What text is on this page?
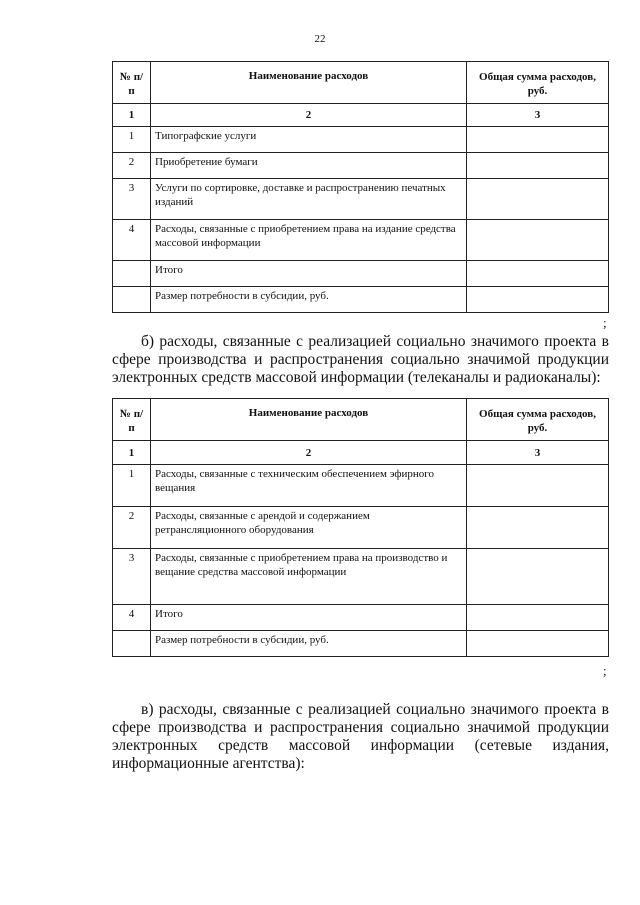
22
№ п/п	Наименование расходов	Общая сумма расходов, руб.
1	2	3
1	Типографские услуги	
2	Приобретение бумаги	
3	Услуги по сортировке, доставке и распространению печатных изданий	
4	Расходы, связанные с приобретением права на издание средства массовой информации	
	Итого	
	Размер потребности в субсидии, руб.	
;

б) расходы, связанные с реализацией социально значимого проекта в сфере производства и распространения социально значимой продукции электронных средств массовой информации (телеканалы и радиоканалы):

№ п/п	Наименование расходов	Общая сумма расходов, руб.
1	2	3
1	Расходы, связанные с техническим обеспечением эфирного вещания	
2	Расходы, связанные с арендой и содержанием ретрансляционного оборудования	
3	Расходы, связанные с приобретением права на производство и вещание средства массовой информации	
4	Итого	
	Размер потребности в субсидии, руб.	
;

в) расходы, связанные с реализацией социально значимого проекта в сфере производства и распространения социально значимой продукции электронных средств массовой информации (сетевые издания, информационные агентства):
